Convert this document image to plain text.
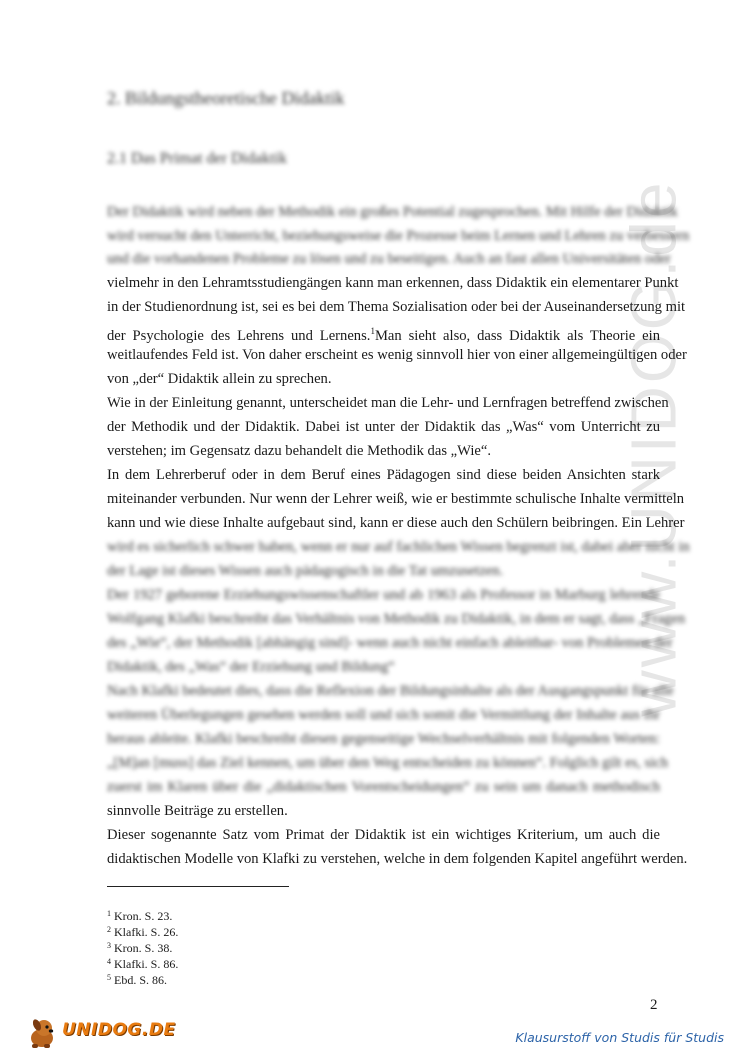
www.UNIDOG.de
2. Bildungstheoretische Didaktik
2.1 Das Primat der Didaktik
Der Didaktik wird neben der Methodik ein großes Potential zugesprochen. Mit Hilfe der Didaktik
wird versucht den Unterricht, beziehungsweise die Prozesse beim Lernen und Lehren zu verbessern
und die vorhandenen Probleme zu lösen und zu beseitigen. Auch an fast allen Universitäten oder
vielmehr in den Lehramtsstudiengängen kann man erkennen, dass Didaktik ein elementarer Punkt
in der Studienordnung ist, sei es bei dem Thema Sozialisation oder bei der Auseinandersetzung mit
der Psychologie des Lehrens und Lernens.$^1$Man sieht also, dass Didaktik als Theorie ein
weitlaufendes Feld ist. Von daher erscheint es wenig sinnvoll hier von einer allgemeingültigen oder
von „der“ Didaktik allein zu sprechen.
Wie in der Einleitung genannt, unterscheidet man die Lehr- und Lernfragen betreffend zwischen
der Methodik und der Didaktik. Dabei ist unter der Didaktik das „Was“ vom Unterricht zu
verstehen; im Gegensatz dazu behandelt die Methodik das „Wie“.
In dem Lehrerberuf oder in dem Beruf eines Pädagogen sind diese beiden Ansichten stark
miteinander verbunden. Nur wenn der Lehrer weiß, wie er bestimmte schulische Inhalte vermitteln
kann und wie diese Inhalte aufgebaut sind, kann er diese auch den Schülern beibringen. Ein Lehrer
wird es sicherlich schwer haben, wenn er nur auf fachlichen Wissen begrenzt ist, dabei aber nicht in
der Lage ist dieses Wissen auch pädagogisch in die Tat umzusetzen.
Der 1927 geborene Erziehungswissenschaftler und ab 1963 als Professor in Marburg lehrende
Wolfgang Klafki beschreibt das Verhältnis von Methodik zu Didaktik, in dem er sagt, dass „Fragen
des „Wie“, der Methodik [abhängig sind]- wenn auch nicht einfach ableitbar- von Problemen der
Didaktik, des „Was“ der Erziehung und Bildung“
Nach Klafki bedeutet dies, dass die Reflexion der Bildungsinhalte als der Ausgangspunkt für alle
weiteren Überlegungen gesehen werden soll und sich somit die Vermittlung der Inhalte aus ihr
heraus ableite. Klafki beschreibt diesen gegenseitige Wechselverhältnis mit folgenden Worten:
„[M]an [muss] das Ziel kennen, um über den Weg entscheiden zu können“. Folglich gilt es, sich
zuerst im Klaren über die „didaktischen Vorentscheidungen“ zu sein um danach methodisch
sinnvolle Beiträge zu erstellen.
Dieser sogenannte Satz vom Primat der Didaktik ist ein wichtiges Kriterium, um auch die
didaktischen Modelle von Klafki zu verstehen, welche in dem folgenden Kapitel angeführt werden.
$^1$ Kron. S. 23.
$^2$ Klafki. S. 26.
$^3$ Kron. S. 38.
$^4$ Klafki. S. 86.
$^5$ Ebd. S. 86.
2
UNIDOG.DE	Klausurstoff von Studis für Studis
